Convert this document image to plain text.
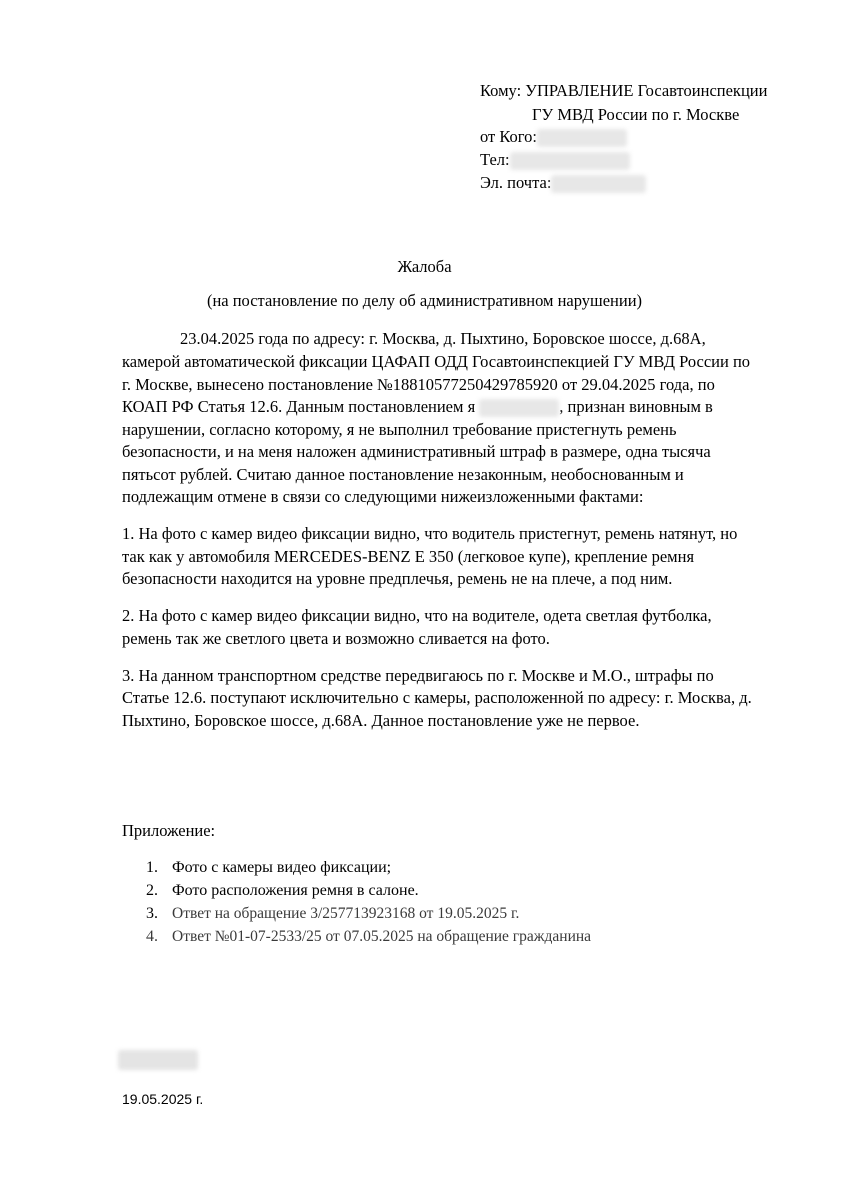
Кому: УПРАВЛЕНИЕ Госавтоинспекции
ГУ МВД России по г. Москве
от Кого:
Тел:
Эл. почта:
Жалоба
(на постановление по делу об административном нарушении)
23.04.2025 года по адресу: г. Москва, д. Пыхтино, Боровское шоссе, д.68А,
камерой автоматической фиксации ЦАФАП ОДД Госавтоинспекцией ГУ МВД России по
г. Москве, вынесено постановление №18810577250429785920 от 29.04.2025 года, по
КОАП РФ Статья 12.6. Данным постановлением я	, признан виновным в
нарушении, согласно которому, я не выполнил требование пристегнуть ремень
безопасности, и на меня наложен административный штраф в размере, одна тысяча
пятьсот рублей. Считаю данное постановление незаконным, необоснованным и
подлежащим отмене в связи со следующими нижеизложенными фактами:
1. На фото с камер видео фиксации видно, что водитель пристегнут, ремень натянут, но
так как у автомобиля MERCEDES-BENZ E 350 (легковое купе), крепление ремня
безопасности находится на уровне предплечья, ремень не на плече, а под ним.
2. На фото с камер видео фиксации видно, что на водителе, одета светлая футболка,
ремень так же светлого цвета и возможно сливается на фото.
3. На данном транспортном средстве передвигаюсь по г. Москве и М.О., штрафы по
Статье 12.6. поступают исключительно с камеры, расположенной по адресу: г. Москва, д.
Пыхтино, Боровское шоссе, д.68А. Данное постановление уже не первое.
Приложение:
1. Фото с камеры видео фиксации;
2. Фото расположения ремня в салоне.
3. Ответ на обращение 3/257713923168 от 19.05.2025 г.
4. Ответ №01-07-2533/25 от 07.05.2025 на обращение гражданина
19.05.2025 г.
